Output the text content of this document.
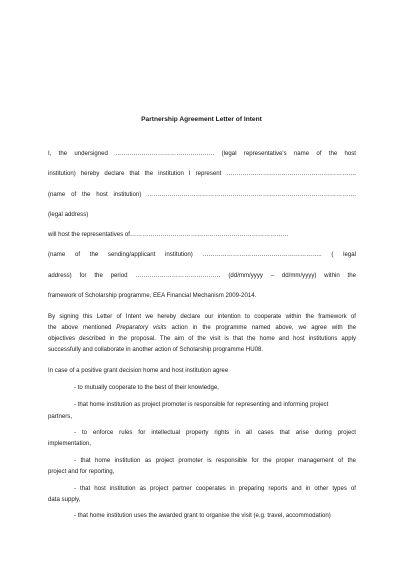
Partnership Agreement Letter of Intent
I, the undersigned …………………………………………. (legal representative's name of the host
institution) hereby declare that the institution I represent ……………………………………………………….
(name of the host institution) ………………………………………………………………………………………….
(legal address)
will host the representatives of……………………………………………………………………
(name of the sending/applicant institution) ………………………………………………….. ( legal
address) for the period …………………………………… (dd/mm/yyyy – dd/mm/yyyy) within the
framework of Scholarship programme, EEA Financial Mechanism 2009-2014.
By signing this Letter of Intent we hereby declare our intention to cooperate within the framework of
the above mentioned Preparatory visits action in the programme named above, we agree with the
objectives described in the proposal. The aim of the visit is that the home and host institutions apply
successfully and collaborate in another action of Scholarship programme HU08.
In case of a positive grant decision home and host institution agree
- to mutually cooperate to the best of their knowledge,
- that home institution as project promoter is responsible for representing and informing project
partners,
- to enforce rules for intellectual property rights in all cases that arise during project
implementation,
- that home institution as project promoter is responsible for the proper management of the
project and for reporting,
- that host institution as project partner cooperates in preparing reports and in other types of
data supply,
- that home institution uses the awarded grant to organise the visit (e.g. travel, accommodation)
